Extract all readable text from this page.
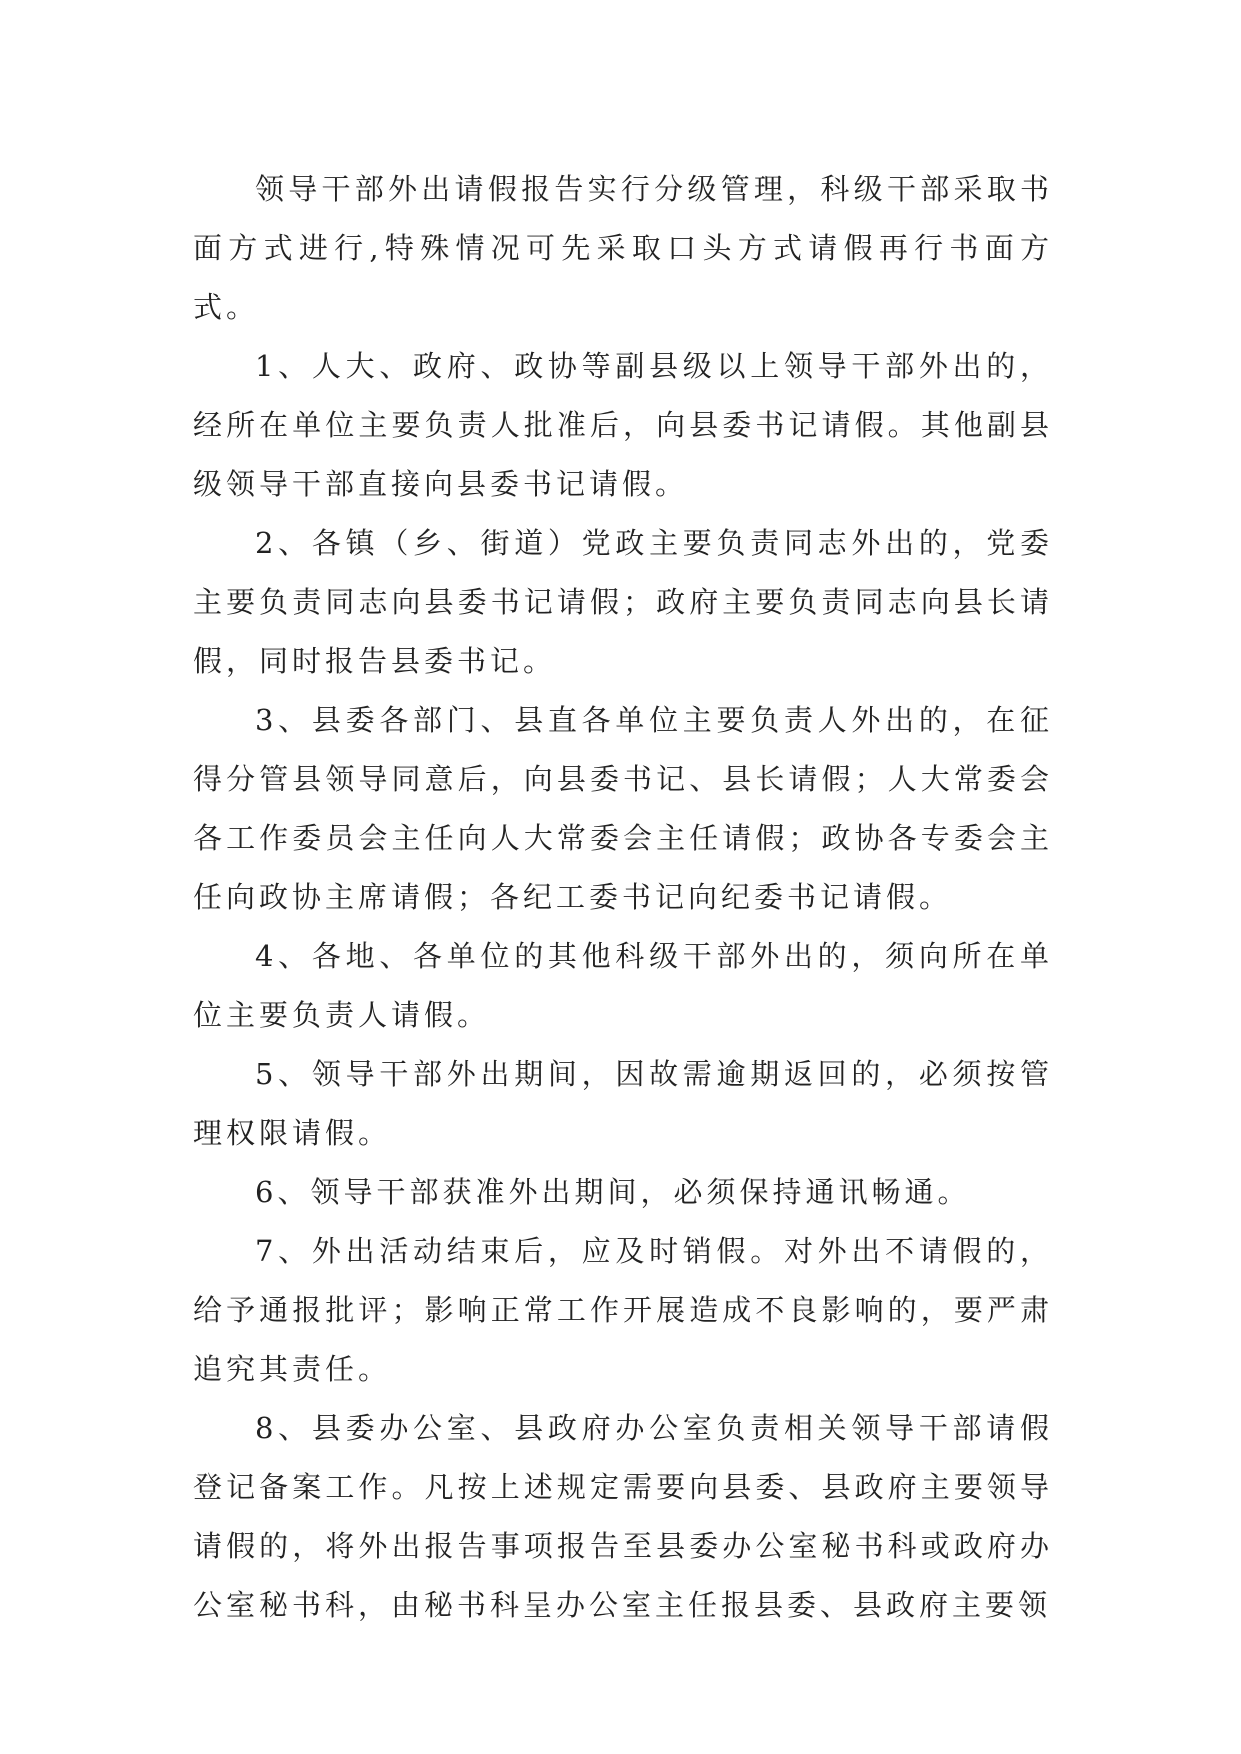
领导干部外出请假报告实行分级管理，科级干部采取书面方式进行,特殊情况可先采取口头方式请假再行书面方式。

1、人大、政府、政协等副县级以上领导干部外出的，经所在单位主要负责人批准后，向县委书记请假。其他副县级领导干部直接向县委书记请假。

2、各镇（乡、街道）党政主要负责同志外出的，党委主要负责同志向县委书记请假；政府主要负责同志向县长请假，同时报告县委书记。

3、县委各部门、县直各单位主要负责人外出的，在征得分管县领导同意后，向县委书记、县长请假；人大常委会各工作委员会主任向人大常委会主任请假；政协各专委会主任向政协主席请假；各纪工委书记向纪委书记请假。

4、各地、各单位的其他科级干部外出的，须向所在单位主要负责人请假。

5、领导干部外出期间，因故需逾期返回的，必须按管理权限请假。

6、领导干部获准外出期间，必须保持通讯畅通。

7、外出活动结束后，应及时销假。对外出不请假的，给予通报批评；影响正常工作开展造成不良影响的，要严肃追究其责任。

8、县委办公室、县政府办公室负责相关领导干部请假登记备案工作。凡按上述规定需要向县委、县政府主要领导请假的，将外出报告事项报告至县委办公室秘书科或政府办公室秘书科，由秘书科呈办公室主任报县委、县政府主要领
